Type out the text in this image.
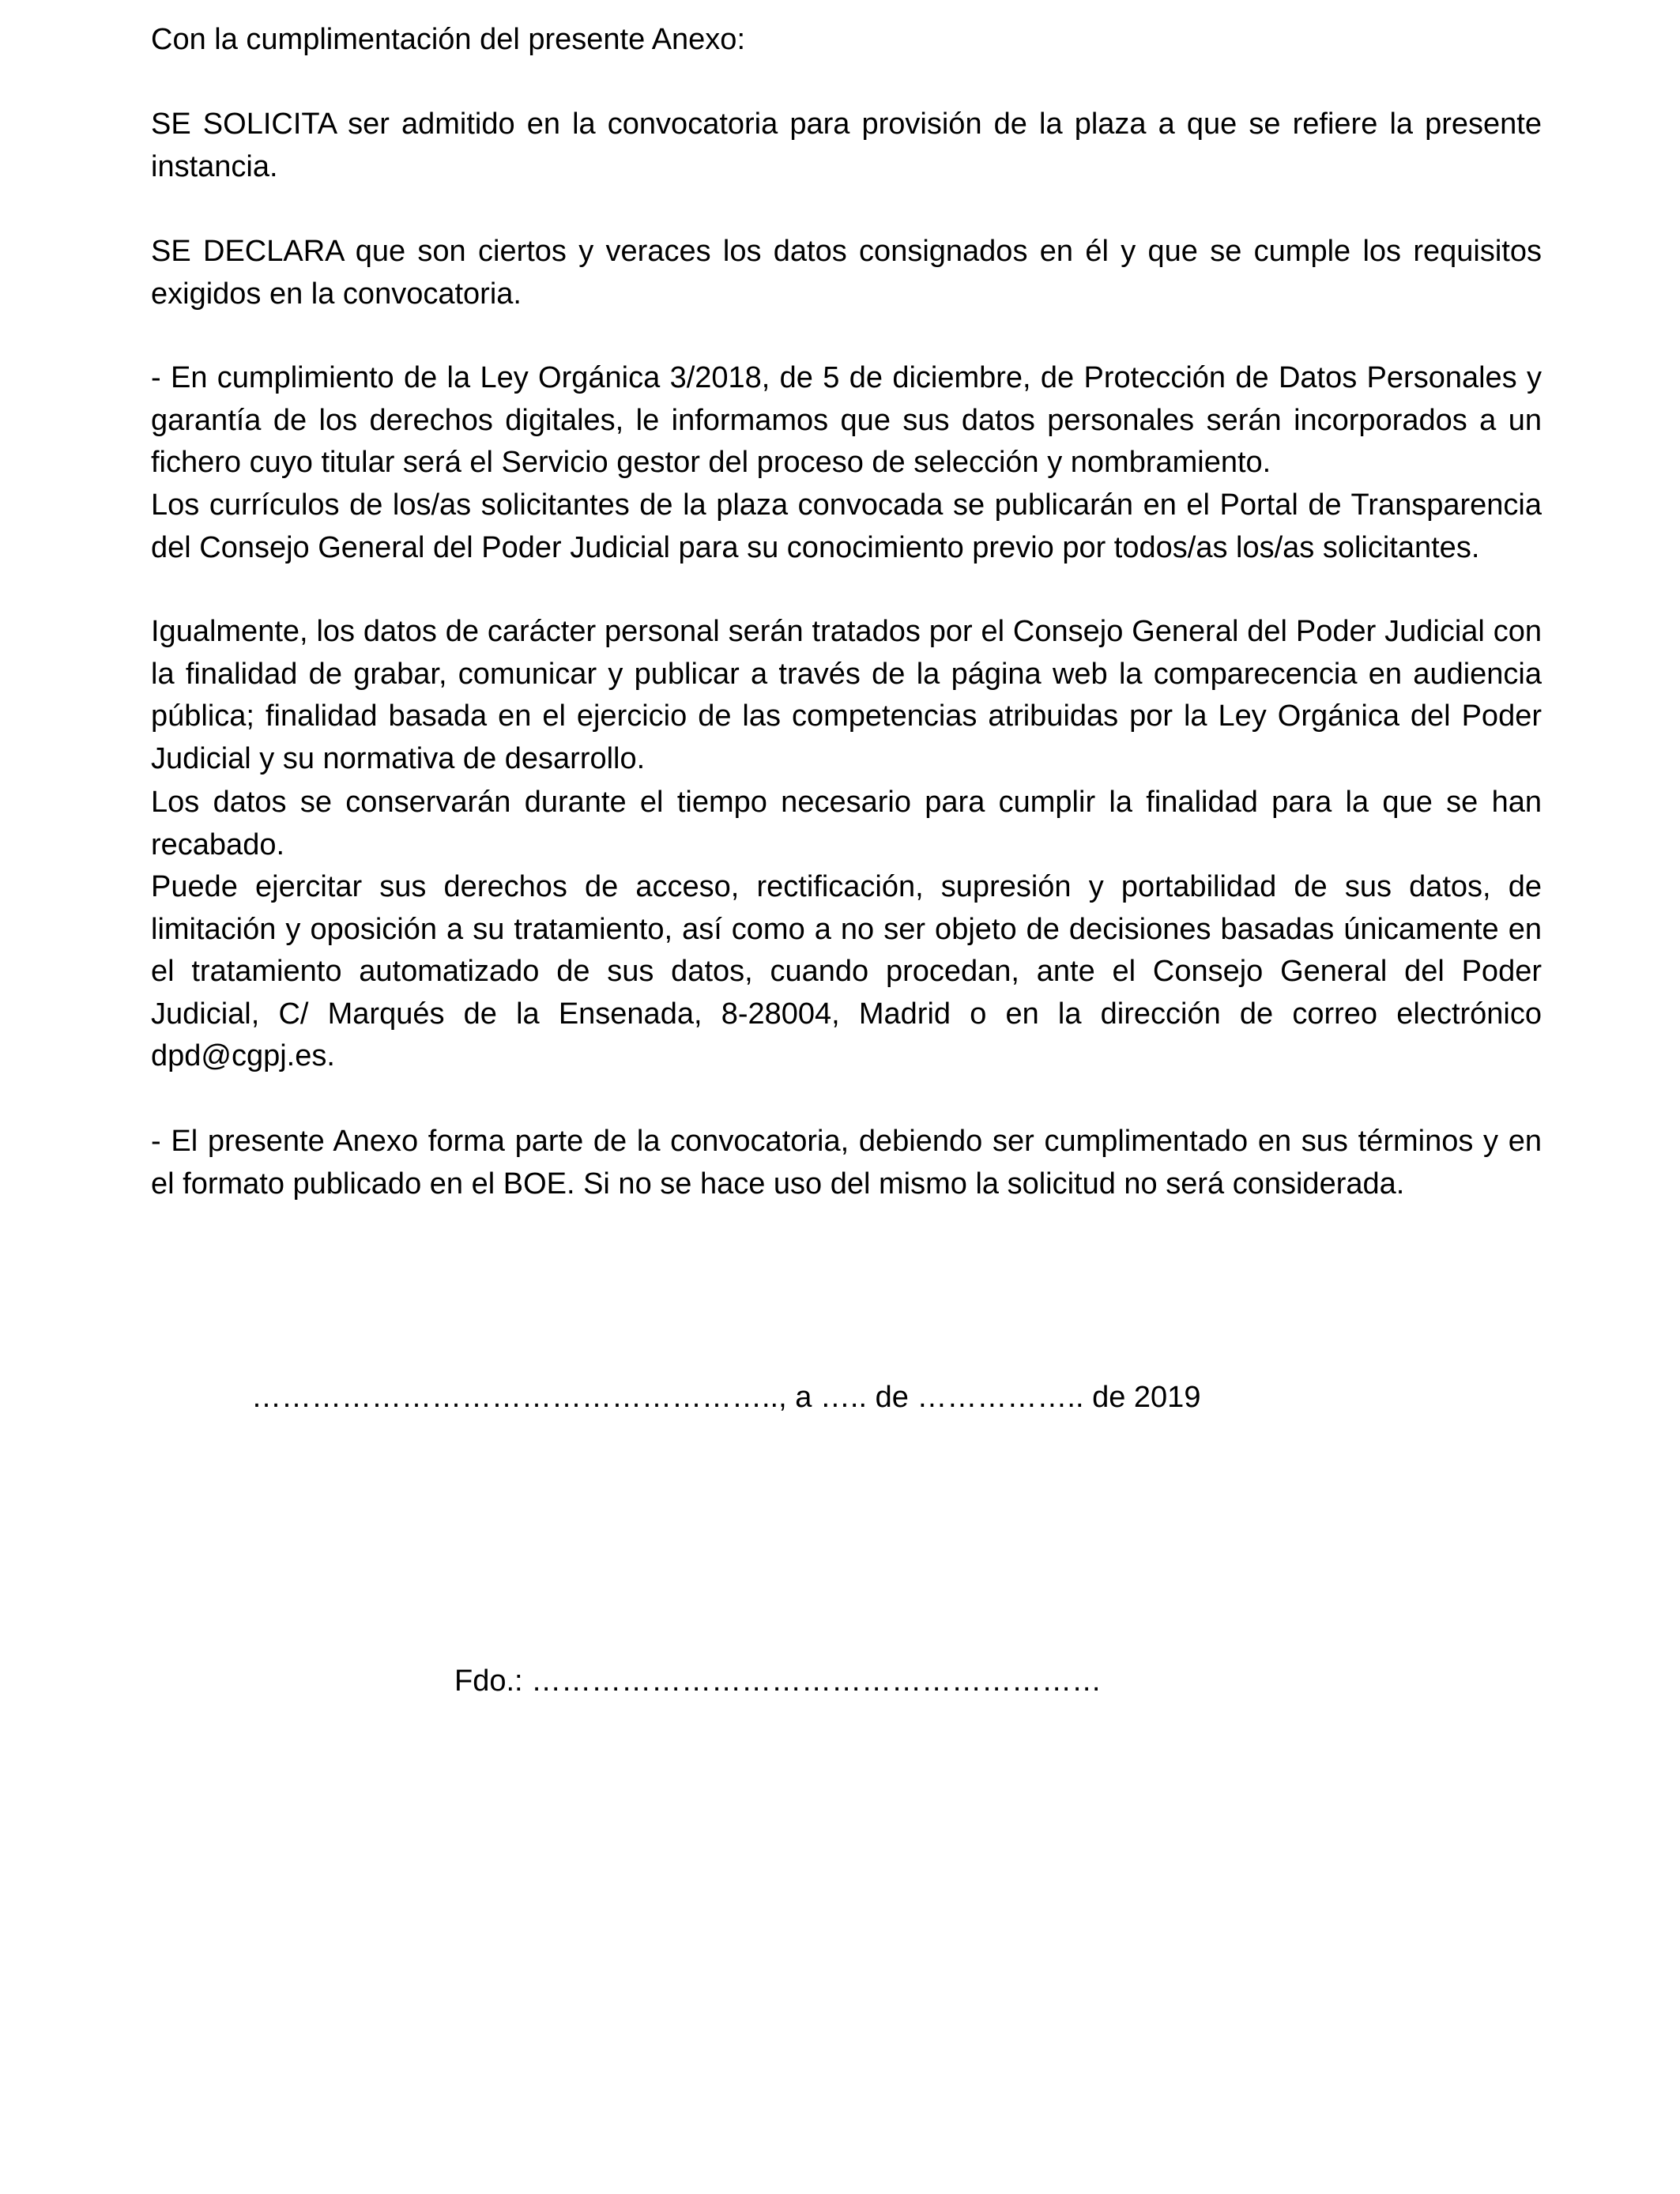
Con la cumplimentación del presente Anexo:

SE SOLICITA ser admitido en la convocatoria para provisión de la plaza a que se refiere la presente instancia.

SE DECLARA que son ciertos y veraces los datos consignados en él y que se cumple los requisitos exigidos en la convocatoria.

- En cumplimiento de la Ley Orgánica 3/2018, de 5 de diciembre, de Protección de Datos Personales y garantía de los derechos digitales, le informamos que sus datos personales serán incorporados a un fichero cuyo titular será el Servicio gestor del proceso de selección y nombramiento.

Los currículos de los/as solicitantes de la plaza convocada se publicarán en el Portal de Transparencia del Consejo General del Poder Judicial para su conocimiento previo por todos/as los/as solicitantes.

Igualmente, los datos de carácter personal serán tratados por el Consejo General del Poder Judicial con la finalidad de grabar, comunicar y publicar a través de la página web la comparecencia en audiencia pública; finalidad basada en el ejercicio de las competencias atribuidas por la Ley Orgánica del Poder Judicial y su normativa de desarrollo.

Los datos se conservarán durante el tiempo necesario para cumplir la finalidad para la que se han recabado.

Puede ejercitar sus derechos de acceso, rectificación, supresión y portabilidad de sus datos, de limitación y oposición a su tratamiento, así como a no ser objeto de decisiones basadas únicamente en el tratamiento automatizado de sus datos, cuando procedan, ante el Consejo General del Poder Judicial, C/ Marqués de la Ensenada, 8-28004, Madrid o en la dirección de correo electrónico dpd@cgpj.es.

- El presente Anexo forma parte de la convocatoria, debiendo ser cumplimentado en sus términos y en el formato publicado en el BOE. Si no se hace uso del mismo la solicitud no será considerada.

…………………………………………….., a ….. de …………….. de 2019
Fdo.: …………………………………………………
